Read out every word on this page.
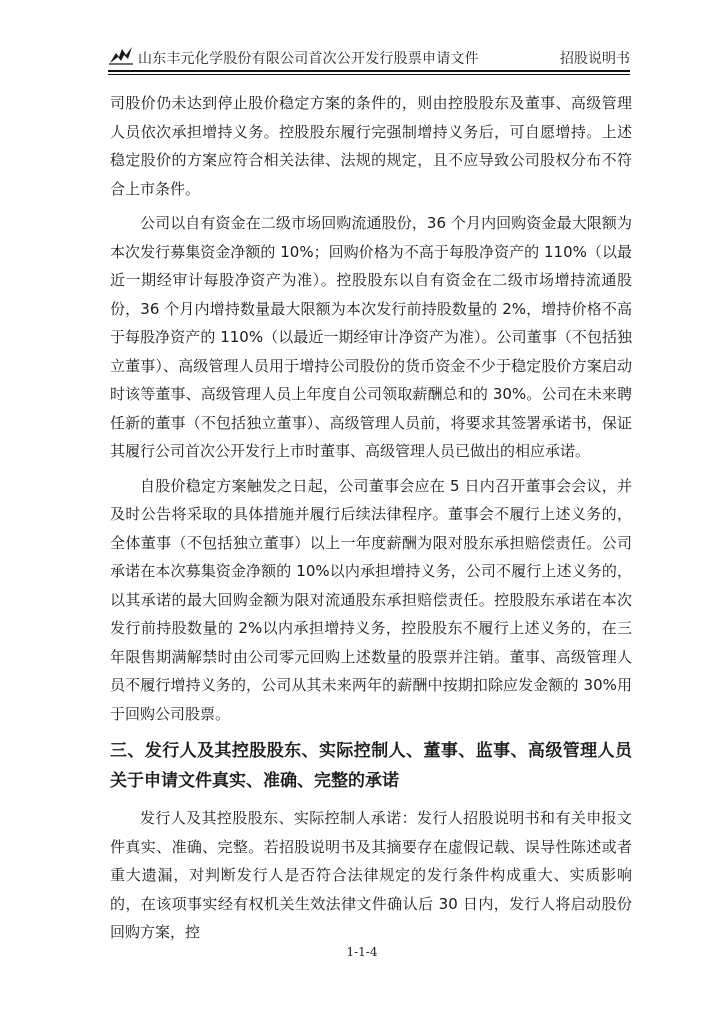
山东丰元化学股份有限公司首次公开发行股票申请文件	招股说明书

司股价仍未达到停止股价稳定方案的条件的，则由控股股东及董事、高级管理人员依次承担增持义务。控股股东履行完强制增持义务后，可自愿增持。上述稳定股价的方案应符合相关法律、法规的规定，且不应导致公司股权分布不符合上市条件。

公司以自有资金在二级市场回购流通股份，36 个月内回购资金最大限额为本次发行募集资金净额的 10%；回购价格为不高于每股净资产的 110%（以最近一期经审计每股净资产为准）。控股股东以自有资金在二级市场增持流通股份，36 个月内增持数量最大限额为本次发行前持股数量的 2%，增持价格不高于每股净资产的 110%（以最近一期经审计净资产为准）。公司董事（不包括独立董事）、高级管理人员用于增持公司股份的货币资金不少于稳定股价方案启动时该等董事、高级管理人员上年度自公司领取薪酬总和的 30%。公司在未来聘任新的董事（不包括独立董事）、高级管理人员前，将要求其签署承诺书，保证其履行公司首次公开发行上市时董事、高级管理人员已做出的相应承诺。

自股价稳定方案触发之日起，公司董事会应在 5 日内召开董事会会议，并及时公告将采取的具体措施并履行后续法律程序。董事会不履行上述义务的，全体董事（不包括独立董事）以上一年度薪酬为限对股东承担赔偿责任。公司承诺在本次募集资金净额的 10%以内承担增持义务，公司不履行上述义务的，以其承诺的最大回购金额为限对流通股东承担赔偿责任。控股股东承诺在本次发行前持股数量的 2%以内承担增持义务，控股股东不履行上述义务的，在三年限售期满解禁时由公司零元回购上述数量的股票并注销。董事、高级管理人员不履行增持义务的，公司从其未来两年的薪酬中按期扣除应发金额的 30%用于回购公司股票。

三、发行人及其控股股东、实际控制人、董事、监事、高级管理人员关于申请文件真实、准确、完整的承诺

发行人及其控股股东、实际控制人承诺：发行人招股说明书和有关申报文件真实、准确、完整。若招股说明书及其摘要存在虚假记载、误导性陈述或者重大遗漏，对判断发行人是否符合法律规定的发行条件构成重大、实质影响的，在该项事实经有权机关生效法律文件确认后 30 日内，发行人将启动股份回购方案，控

1-1-4
